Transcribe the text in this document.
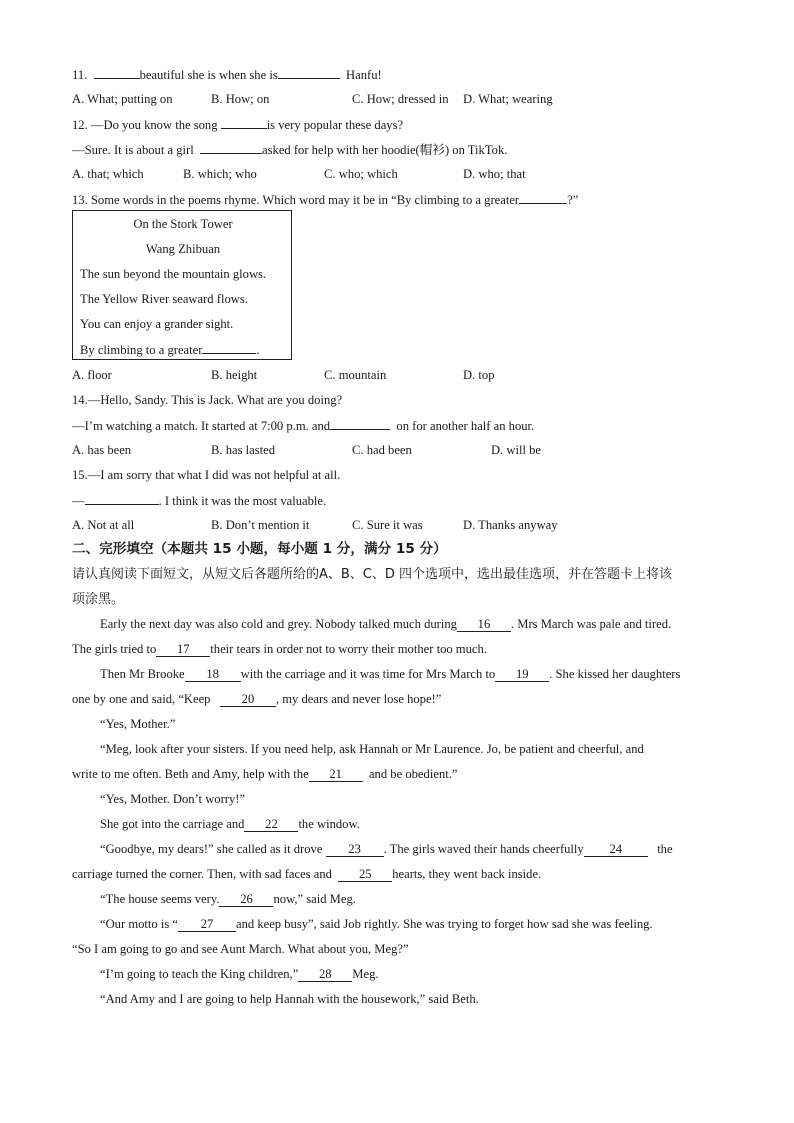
11.	beautiful she is when she is	Hanfu!
A. What; putting on	B. How; on	C. How; dressed in D. What; wearing
12. —Do you know the song	is very popular these days?
—Sure. It is about a girl	asked for help with her hoodie(帽衫) on TikTok.
A. that; which	B. which; who	C. who; which	D. who; that
13. Some words in the poems rhyme. Which word may it be in “By climbing to a greater	?”
On the Stork Tower
Wang Zhibuan
The sun beyond the mountain glows.
The Yellow River seaward flows.
You can enjoy a grander sight.
By climbing to a greater	.
A. floor	B. height	C. mountain	D. top
14.—Hello, Sandy. This is Jack. What are you doing?
—I’m watching a match. It started at 7:00 p.m. and	on for another half an hour.
A. has been	B. has lasted	C. had been	D. will be
15.—I am sorry that what I did was not helpful at all.
—	. I think it was the most valuable.
A. Not at all	B. Don’t mention it	C. Sure it was	D. Thanks anyway
二、完形填空（本题共 15 小题，每小题 1 分，满分 15 分）
请认真阅读下面短文，从短文后各题所给的A、B、C、D 四个选项中，选出最佳选项，并在答题卡上将该
项涂黑。
Early the next day was also cold and grey. Nobody talked much during 16 . Mrs March was pale and tired.
The girls tried to 17 their tears in order not to worry their mother too much.
Then Mr Brooke 18 with the carriage and it was time for Mrs March to 19 . She kissed her daughters
one by one and said, “Keep 20 , my dears and never lose hope!”
“Yes, Mother.”
“Meg, look after your sisters. If you need help, ask Hannah or Mr Laurence. Jo, be patient and cheerful, and
write to me often. Beth and Amy, help with the 21 and be obedient.”
“Yes, Mother. Don’t worry!”
She got into the carriage and 22 the window.
“Goodbye, my dears!” she called as it drove 23 . The girls waved their hands cheerfully 24	the
carriage turned the corner. Then, with sad faces and 25 hearts, they went back inside.
“The house seems very. 26 now,” said Meg.
“Our motto is “ 27 and keep busy”, said Job rightly. She was trying to forget how sad she was feeling.
“So I am going to go and see Aunt March. What about you, Meg?”
“I’m going to teach the King children,” 28 Meg.
“And Amy and I are going to help Hannah with the housework,” said Beth.
